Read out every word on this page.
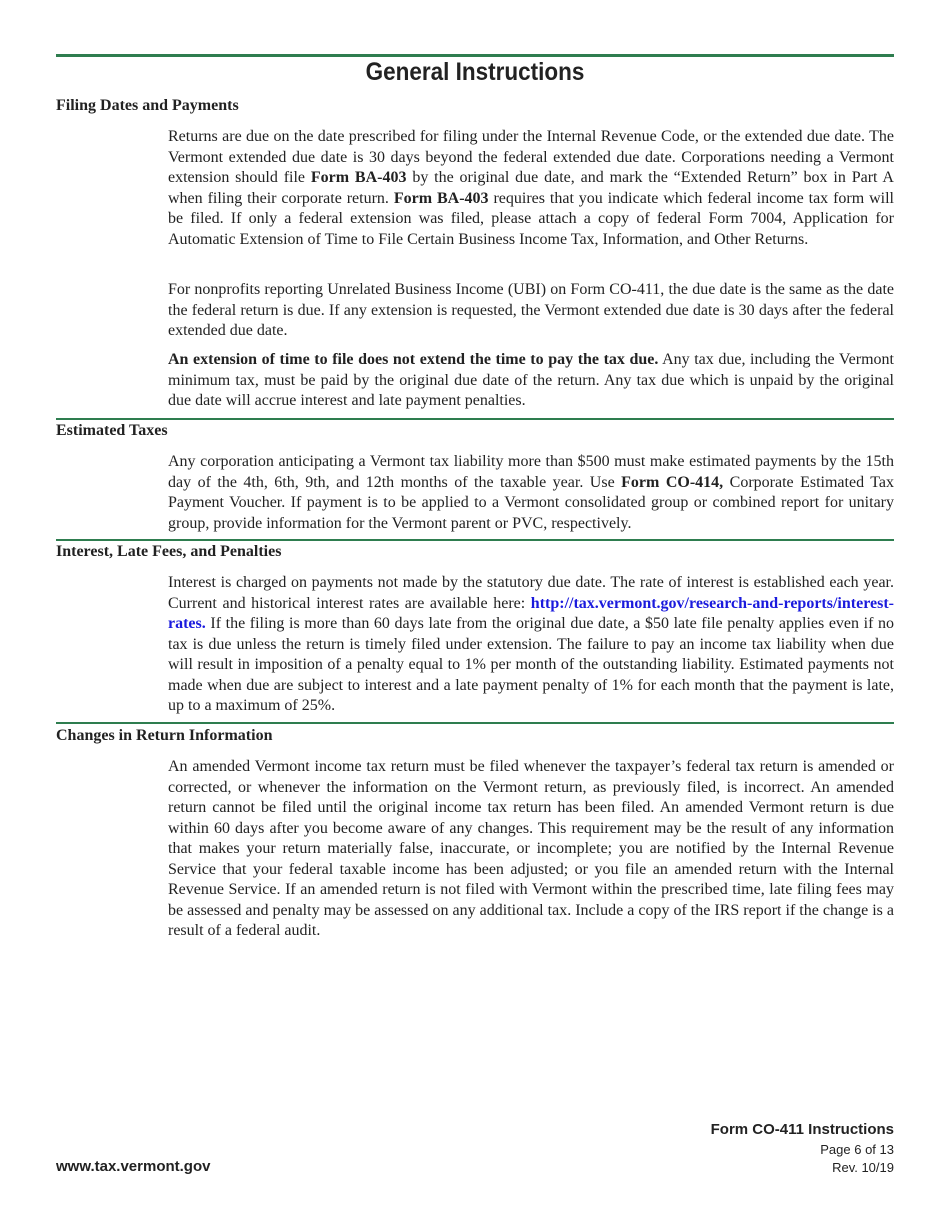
General Instructions
Filing Dates and Payments

Returns are due on the date prescribed for filing under the Internal Revenue Code, or the extended due date. The Vermont extended due date is 30 days beyond the federal extended due date. Corporations needing a Vermont extension should file Form BA-403 by the original due date, and mark the “Extended Return” box in Part A when filing their corporate return. Form BA-403 requires that you indicate which federal income tax form will be filed. If only a federal extension was filed, please attach a copy of federal Form 7004, Application for Automatic Extension of Time to File Certain Business Income Tax, Information, and Other Returns.

For nonprofits reporting Unrelated Business Income (UBI) on Form CO-411, the due date is the same as the date the federal return is due. If any extension is requested, the Vermont extended due date is 30 days after the federal extended due date.

An extension of time to file does not extend the time to pay the tax due. Any tax due, including the Vermont minimum tax, must be paid by the original due date of the return. Any tax due which is unpaid by the original due date will accrue interest and late payment penalties.

Estimated Taxes

Any corporation anticipating a Vermont tax liability more than $500 must make estimated payments by the 15th day of the 4th, 6th, 9th, and 12th months of the taxable year. Use Form CO-414, Corporate Estimated Tax Payment Voucher. If payment is to be applied to a Vermont consolidated group or combined report for unitary group, provide information for the Vermont parent or PVC, respectively.

Interest, Late Fees, and Penalties

Interest is charged on payments not made by the statutory due date. The rate of interest is established each year. Current and historical interest rates are available here: http://tax.vermont.gov/research-and-reports/interest-rates. If the filing is more than 60 days late from the original due date, a $50 late file penalty applies even if no tax is due unless the return is timely filed under extension. The failure to pay an income tax liability when due will result in imposition of a penalty equal to 1% per month of the outstanding liability. Estimated payments not made when due are subject to interest and a late payment penalty of 1% for each month that the payment is late, up to a maximum of 25%.

Changes in Return Information

An amended Vermont income tax return must be filed whenever the taxpayer’s federal tax return is amended or corrected, or whenever the information on the Vermont return, as previously filed, is incorrect. An amended return cannot be filed until the original income tax return has been filed. An amended Vermont return is due within 60 days after you become aware of any changes. This requirement may be the result of any information that makes your return materially false, inaccurate, or incomplete; you are notified by the Internal Revenue Service that your federal taxable income has been adjusted; or you file an amended return with the Internal Revenue Service. If an amended return is not filed with Vermont within the prescribed time, late filing fees may be assessed and penalty may be assessed on any additional tax. Include a copy of the IRS report if the change is a result of a federal audit.

Form CO-411 Instructions
Page 6 of 13
Rev. 10/19
www.tax.vermont.gov
